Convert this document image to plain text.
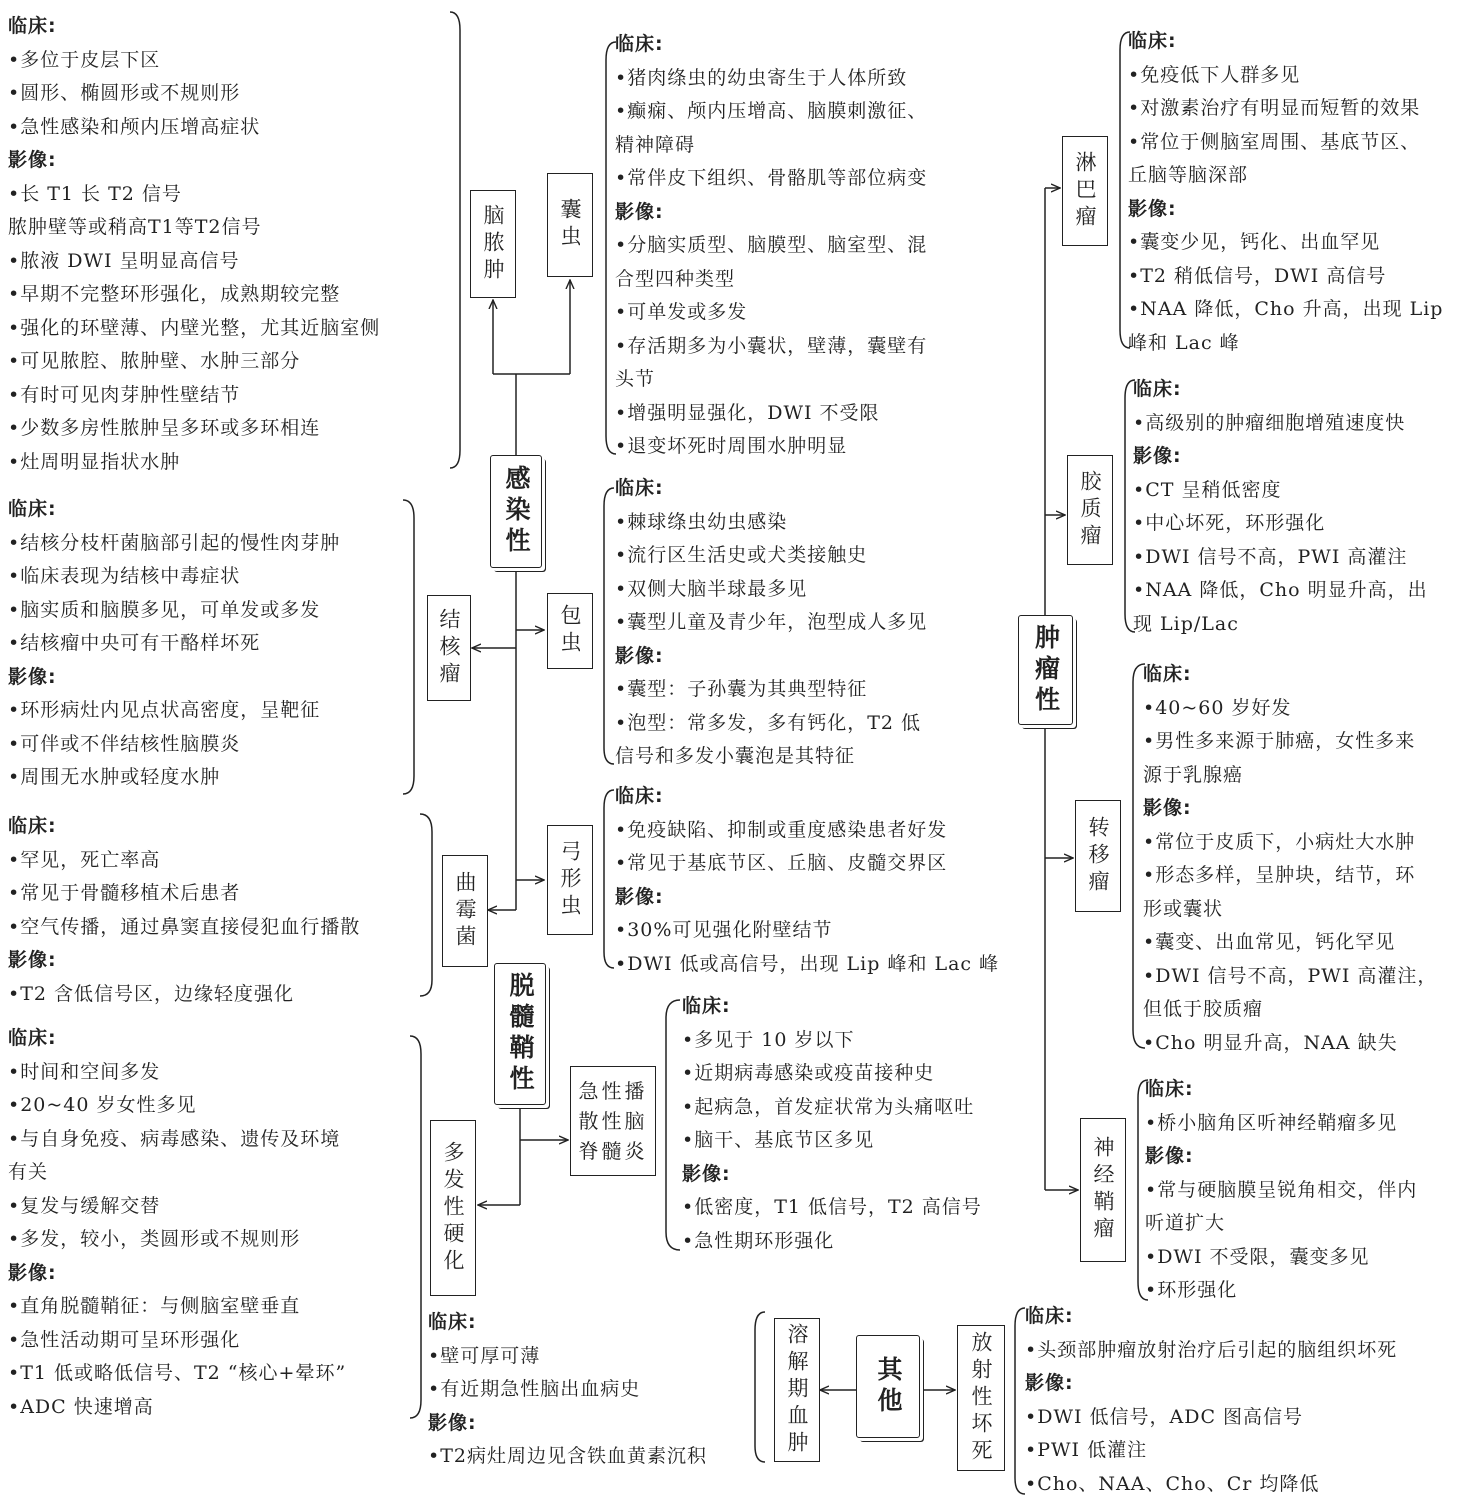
感染性
脱髓鞘性
肿瘤性
其他
脑脓肿	囊虫
结核瘤	包虫
曲霉菌	弓形虫
多发性硬化
急性播散性脑脊髓炎
淋巴瘤
胶质瘤
转移瘤
神经鞘瘤
溶解期血肿	放射性坏死
临床:
•多位于皮层下区
•圆形、椭圆形或不规则形
•急性感染和颅内压增高症状
影像:
•长 T1 长 T2 信号
脓肿壁等或稍高T1等T2信号
•脓液 DWI 呈明显高信号
•早期不完整环形强化，成熟期较完整
•强化的环壁薄、内壁光整，尤其近脑室侧
•可见脓腔、脓肿壁、水肿三部分
•有时可见肉芽肿性壁结节
•少数多房性脓肿呈多环或多环相连
•灶周明显指状水肿
临床:
•结核分枝杆菌脑部引起的慢性肉芽肿
•临床表现为结核中毒症状
•脑实质和脑膜多见，可单发或多发
•结核瘤中央可有干酪样坏死
影像:
•环形病灶内见点状高密度，呈靶征
•可伴或不伴结核性脑膜炎
•周围无水肿或轻度水肿
临床:
•罕见，死亡率高
•常见于骨髓移植术后患者
•空气传播，通过鼻窦直接侵犯血行播散
影像:
•T2 含低信号区，边缘轻度强化
临床:
•时间和空间多发
•20~40 岁女性多见
•与自身免疫、病毒感染、遗传及环境
有关
•复发与缓解交替
•多发，较小，类圆形或不规则形
影像:
•直角脱髓鞘征：与侧脑室壁垂直
•急性活动期可呈环形强化
•T1 低或略低信号、T2 “核心+晕环”
•ADC 快速增高
临床:
•猪肉绦虫的幼虫寄生于人体所致
•癫痫、颅内压增高、脑膜刺激征、
精神障碍
•常伴皮下组织、骨骼肌等部位病变
影像:
•分脑实质型、脑膜型、脑室型、混
合型四种类型
•可单发或多发
•存活期多为小囊状，壁薄，囊壁有
头节
•增强明显强化，DWI 不受限
•退变坏死时周围水肿明显
临床:
•棘球绦虫幼虫感染
•流行区生活史或犬类接触史
•双侧大脑半球最多见
•囊型儿童及青少年，泡型成人多见
影像:
•囊型：子孙囊为其典型特征
•泡型：常多发，多有钙化，T2 低
信号和多发小囊泡是其特征
临床:
•免疫缺陷、抑制或重度感染患者好发
•常见于基底节区、丘脑、皮髓交界区
影像:
•30%可见强化附壁结节
•DWI 低或高信号，出现 Lip 峰和 Lac 峰
临床:
•多见于 10 岁以下
•近期病毒感染或疫苗接种史
•起病急，首发症状常为头痛呕吐
•脑干、基底节区多见
影像:
•低密度，T1 低信号，T2 高信号
•急性期环形强化
临床:
•壁可厚可薄
•有近期急性脑出血病史
影像:
•T2病灶周边见含铁血黄素沉积
临床:
•免疫低下人群多见
•对激素治疗有明显而短暂的效果
•常位于侧脑室周围、基底节区、
丘脑等脑深部
影像:
•囊变少见，钙化、出血罕见
•T2 稍低信号，DWI 高信号
•NAA 降低，Cho 升高，出现 Lip
峰和 Lac 峰
临床:
•高级别的肿瘤细胞增殖速度快
影像:
•CT 呈稍低密度
•中心坏死，环形强化
•DWI 信号不高，PWI 高灌注
•NAA 降低，Cho 明显升高，出
现 Lip/Lac
临床:
•40~60 岁好发
•男性多来源于肺癌，女性多来
源于乳腺癌
影像:
•常位于皮质下，小病灶大水肿
•形态多样，呈肿块，结节，环
形或囊状
•囊变、出血常见，钙化罕见
•DWI 信号不高，PWI 高灌注，
但低于胶质瘤
•Cho 明显升高，NAA 缺失
临床:
•桥小脑角区听神经鞘瘤多见
影像:
•常与硬脑膜呈锐角相交，伴内
听道扩大
•DWI 不受限，囊变多见
•环形强化
临床:
•头颈部肿瘤放射治疗后引起的脑组织坏死
影像:
•DWI 低信号，ADC 图高信号
•PWI 低灌注
•Cho、NAA、Cho、Cr 均降低
